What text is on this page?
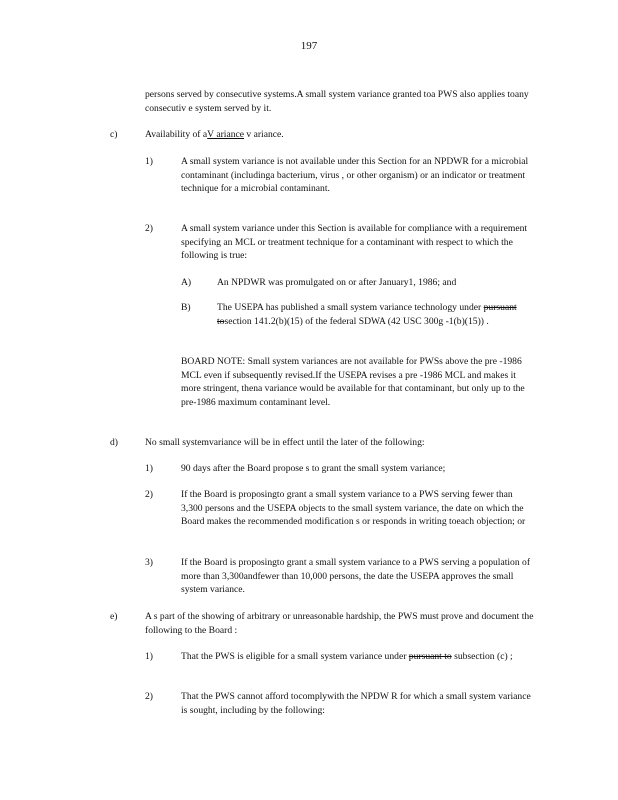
197
persons served by consecutive systems.A small system variance granted toa PWS also applies toany consecutiv e system served by it.
c)	Availability of aV ariance v ariance.
1)	A small system variance is not available under this Section for an NPDWR for a microbial contaminant (includinga bacterium, virus , or other organism) or an indicator or treatment technique for a microbial contaminant.
2)	A small system variance under this Section is available for compliance with a requirement specifying an MCL or treatment technique for a contaminant with respect to which the following is true:
A)	An NPDWR was promulgated on or after January1, 1986; and
B)	The USEPA has published a small system variance technology under pursuant tosection 141.2(b)(15) of the federal SDWA (42 USC 300g -1(b)(15)) .
BOARD NOTE: Small system variances are not available for PWSs above the pre -1986 MCL even if subsequently revised.If the USEPA revises a pre -1986 MCL and makes it more stringent, thena variance would be available for that contaminant, but only up to the pre-1986 maximum contaminant level.
d)	No small systemvariance will be in effect until the later of the following:
1)	90 days after the Board propose s to grant the small system variance;
2)	If the Board is proposingto grant a small system variance to a PWS serving fewer than 3,300 persons and the USEPA objects to the small system variance, the date on which the Board makes the recommended modification s or responds in writing toeach objection; or
3)	If the Board is proposingto grant a small system variance to a PWS serving a population of more than 3,300andfewer than 10,000 persons, the date the USEPA approves the small system variance.
e)	A s part of the showing of arbitrary or unreasonable hardship, the PWS must prove and document the following to the Board :
1)	That the PWS is eligible for a small system variance under pursuant to subsection (c) ;
2)	That the PWS cannot afford tocomplywith the NPDW R for which a small system variance is sought, including by the following:
